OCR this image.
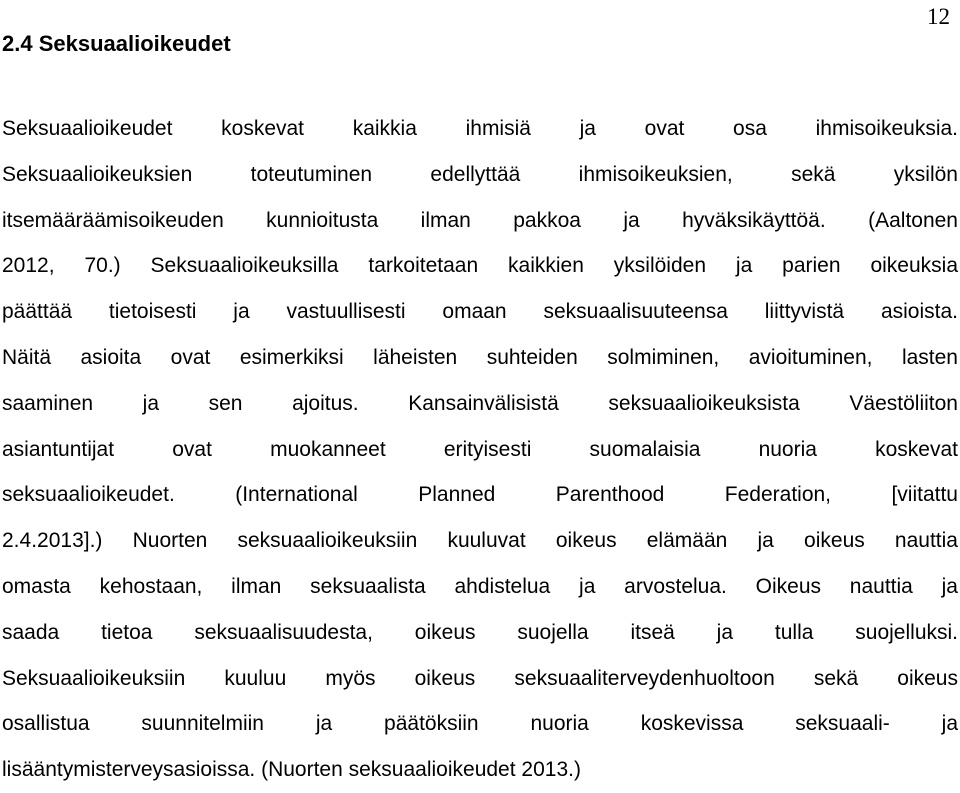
12
2.4 Seksuaalioikeudet
Seksuaalioikeudet koskevat kaikkia ihmisiä ja ovat osa ihmisoikeuksia.
Seksuaalioikeuksien toteutuminen edellyttää ihmisoikeuksien, sekä yksilön
itsemääräämisoikeuden kunnioitusta ilman pakkoa ja hyväksikäyttöä. (Aaltonen
2012, 70.) Seksuaalioikeuksilla tarkoitetaan kaikkien yksilöiden ja parien oikeuksia
päättää tietoisesti ja vastuullisesti omaan seksuaalisuuteensa liittyvistä asioista.
Näitä asioita ovat esimerkiksi läheisten suhteiden solmiminen, avioituminen, lasten
saaminen ja sen ajoitus. Kansainvälisistä seksuaalioikeuksista Väestöliiton
asiantuntijat ovat muokanneet erityisesti suomalaisia nuoria koskevat
seksuaalioikeudet. (International Planned Parenthood Federation, [viitattu
2.4.2013].) Nuorten seksuaalioikeuksiin kuuluvat oikeus elämään ja oikeus nauttia
omasta kehostaan, ilman seksuaalista ahdistelua ja arvostelua. Oikeus nauttia ja
saada tietoa seksuaalisuudesta, oikeus suojella itseä ja tulla suojelluksi.
Seksuaalioikeuksiin kuuluu myös oikeus seksuaaliterveydenhuoltoon sekä oikeus
osallistua suunnitelmiin ja päätöksiin nuoria koskevissa seksuaali- ja
lisääntymisterveysasioissa. (Nuorten seksuaalioikeudet 2013.)
